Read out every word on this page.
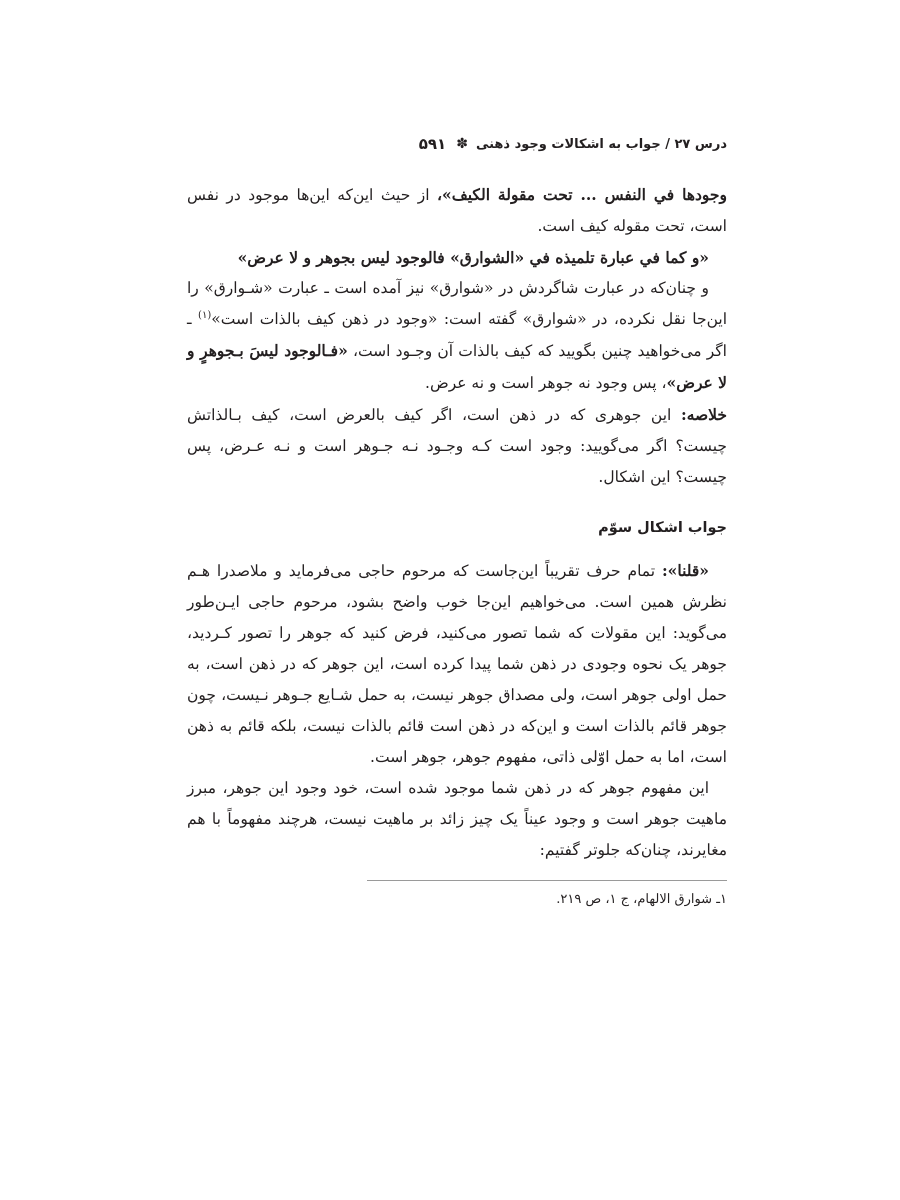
درس ۲۷ / جواب به اشکالات وجود ذهنی
✽
۵۹۱

وجودها في النفس ... تحت مقولة الكيف»، از حیث این‌که این‌ها موجود در نفس است، تحت مقوله کیف است.

«و كما في عبارة تلميذه في «الشوارق» فالوجود ليس بجوهر و لا عرض»

و چنان‌که در عبارت شاگردش در «شوارق» نیز آمده است ـ عبارت «شـوارق» را این‌جا نقل نکرده، در «شوارق» گفته است: «وجود در ذهن کیف بالذات است»$^{(۱)}$ ـ اگر می‌خواهید چنین بگویید که کیف بالذات آن وجـود است، «فـالوجود ليسَ بـجوهرٍ و لا عرض»، پس وجود نه جوهر است و نه عرض.

خلاصه: این جوهری که در ذهن است، اگر کیف بالعرض است، کیف بـالذاتش چیست؟ اگر می‌گویید: وجود است کـه وجـود نـه جـوهر است و نـه عـرض، پس چیست؟ این اشکال.

جواب اشکال سوّم

«قلنا»: تمام حرف تقریباً این‌جاست که مرحوم حاجی می‌فرماید و ملاصدرا هـم نظرش همین است. می‌خواهیم این‌جا خوب واضح بشود، مرحوم حاجی ایـن‌طور می‌گوید: این مقولات که شما تصور می‌کنید، فرض کنید که جوهر را تصور کـردید، جوهر یک نحوه وجودی در ذهن شما پیدا کرده است، این جوهر که در ذهن است، به حمل اولی جوهر است، ولی مصداق جوهر نیست، به حمل شـایع جـوهر نـیست، چون جوهر قائم بالذات است و این‌که در ذهن است قائم بالذات نیست، بلکه قائم به ذهن است، اما به حمل اوّلی ذاتی، مفهوم جوهر، جوهر است.

این مفهوم جوهر که در ذهن شما موجود شده است، خود وجود این جوهر، مبرز ماهیت جوهر است و وجود عیناً یک چیز زائد بر ماهیت نیست، هرچند مفهوماً با هم مغایرند، چنان‌که جلوتر گفتیم:

۱ـ شوارق الالهام، ج ۱، ص ۲۱۹.
